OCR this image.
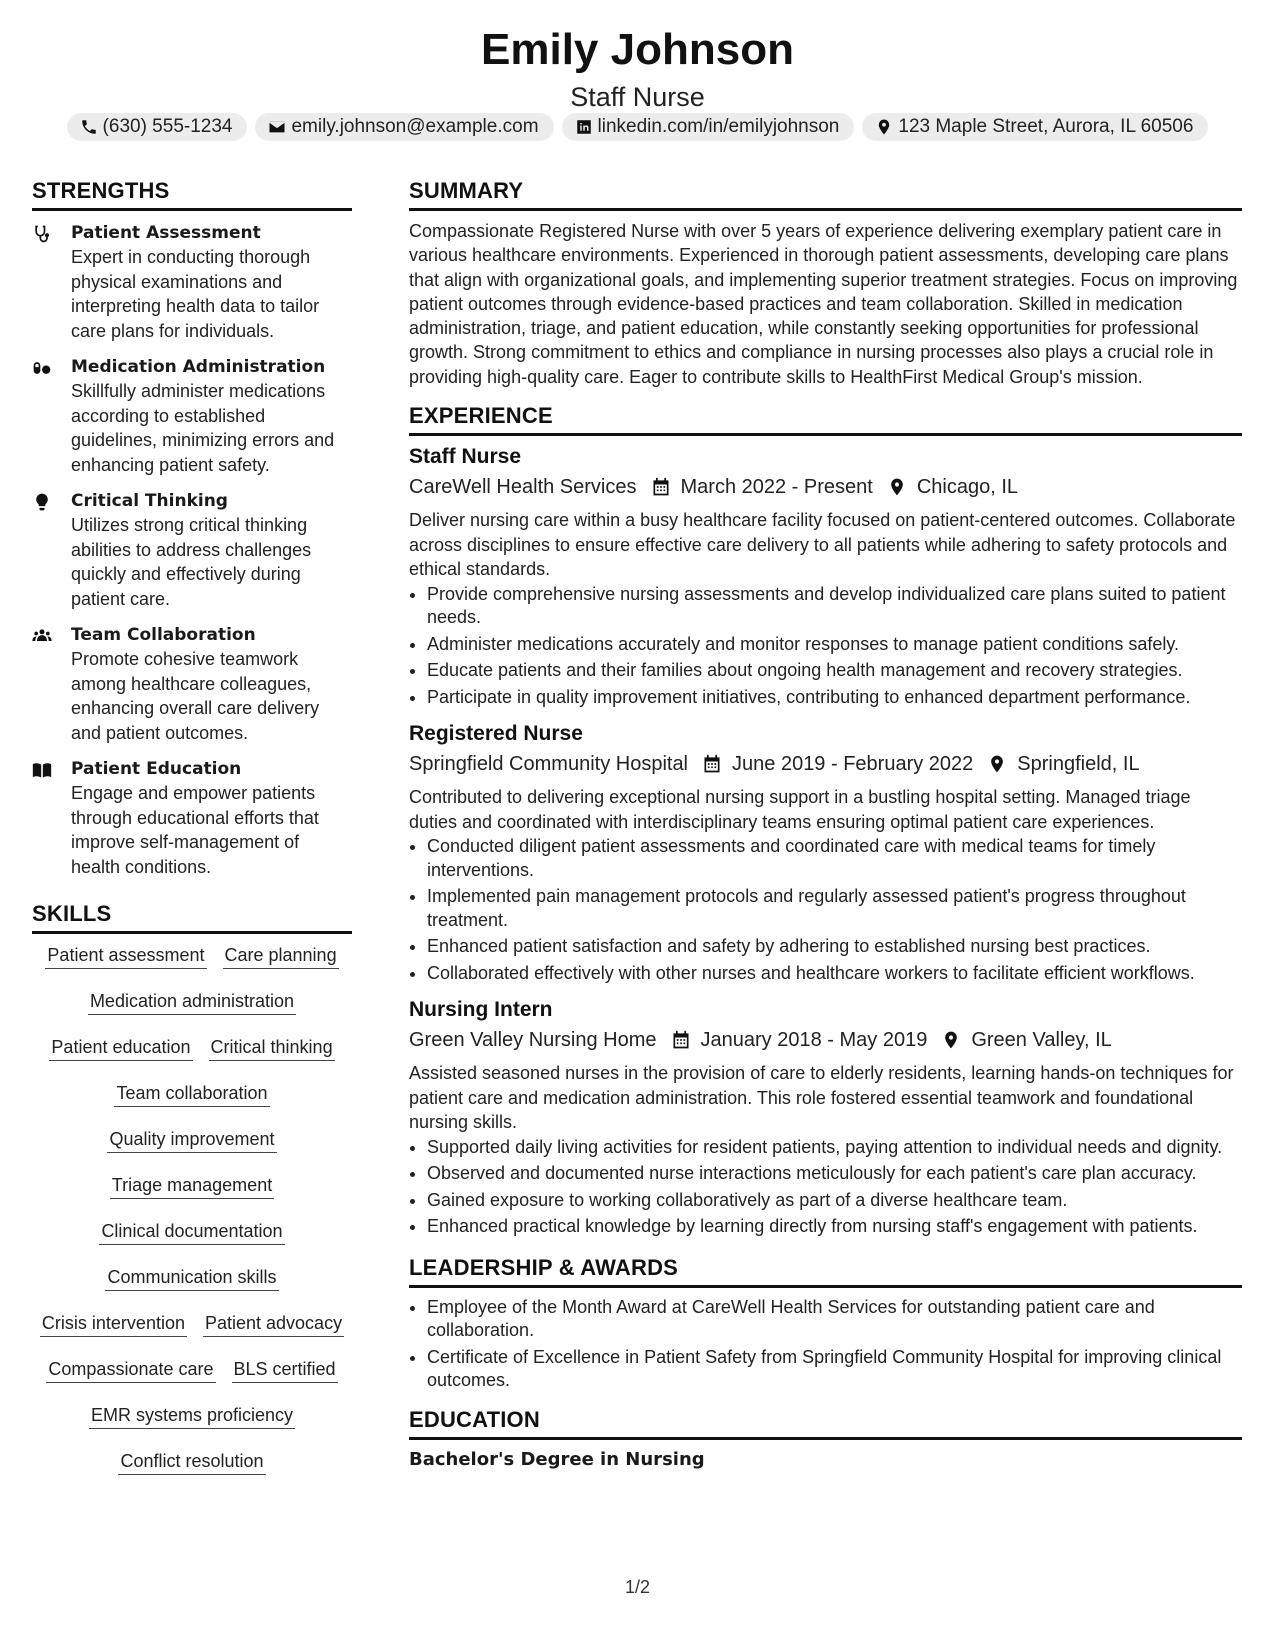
Emily Johnson
Staff Nurse
(630) 555-1234	emily.johnson@example.com	linkedin.com/in/emilyjohnson	123 Maple Street, Aurora, IL 60506
STRENGTHS
Patient Assessment
Expert in conducting thorough physical examinations and interpreting health data to tailor care plans for individuals.
Medication Administration
Skillfully administer medications according to established guidelines, minimizing errors and enhancing patient safety.
Critical Thinking
Utilizes strong critical thinking abilities to address challenges quickly and effectively during patient care.
Team Collaboration
Promote cohesive teamwork among healthcare colleagues, enhancing overall care delivery and patient outcomes.
Patient Education
Engage and empower patients through educational efforts that improve self-management of health conditions.
SKILLS
Patient assessment Care planning
Medication administration
Patient education Critical thinking
Team collaboration
Quality improvement
Triage management
Clinical documentation
Communication skills
Crisis intervention Patient advocacy
Compassionate care BLS certified
EMR systems proficiency
Conflict resolution
SUMMARY

Compassionate Registered Nurse with over 5 years of experience delivering exemplary patient care in various healthcare environments. Experienced in thorough patient assessments, developing care plans that align with organizational goals, and implementing superior treatment strategies. Focus on improving patient outcomes through evidence-based practices and team collaboration. Skilled in medication administration, triage, and patient education, while constantly seeking opportunities for professional growth. Strong commitment to ethics and compliance in nursing processes also plays a crucial role in providing high-quality care. Eager to contribute skills to HealthFirst Medical Group's mission.

EXPERIENCE
Staff Nurse
CareWell Health Services March 2022 - Present Chicago, IL
Deliver nursing care within a busy healthcare facility focused on patient-centered outcomes. Collaborate across disciplines to ensure effective care delivery to all patients while adhering to safety protocols and ethical standards.
• Provide comprehensive nursing assessments and develop individualized care plans suited to patient needs.
• Administer medications accurately and monitor responses to manage patient conditions safely.
• Educate patients and their families about ongoing health management and recovery strategies.
• Participate in quality improvement initiatives, contributing to enhanced department performance.
Registered Nurse
Springfield Community Hospital June 2019 - February 2022 Springfield, IL
Contributed to delivering exceptional nursing support in a bustling hospital setting. Managed triage duties and coordinated with interdisciplinary teams ensuring optimal patient care experiences.
• Conducted diligent patient assessments and coordinated care with medical teams for timely interventions.
• Implemented pain management protocols and regularly assessed patient's progress throughout treatment.
• Enhanced patient satisfaction and safety by adhering to established nursing best practices.
• Collaborated effectively with other nurses and healthcare workers to facilitate efficient workflows.
Nursing Intern
Green Valley Nursing Home January 2018 - May 2019 Green Valley, IL
Assisted seasoned nurses in the provision of care to elderly residents, learning hands-on techniques for patient care and medication administration. This role fostered essential teamwork and foundational nursing skills.
• Supported daily living activities for resident patients, paying attention to individual needs and dignity.
• Observed and documented nurse interactions meticulously for each patient's care plan accuracy.
• Gained exposure to working collaboratively as part of a diverse healthcare team.
• Enhanced practical knowledge by learning directly from nursing staff's engagement with patients.
LEADERSHIP & AWARDS
• Employee of the Month Award at CareWell Health Services for outstanding patient care and collaboration.
• Certificate of Excellence in Patient Safety from Springfield Community Hospital for improving clinical outcomes.
EDUCATION
Bachelor's Degree in Nursing
1/2
